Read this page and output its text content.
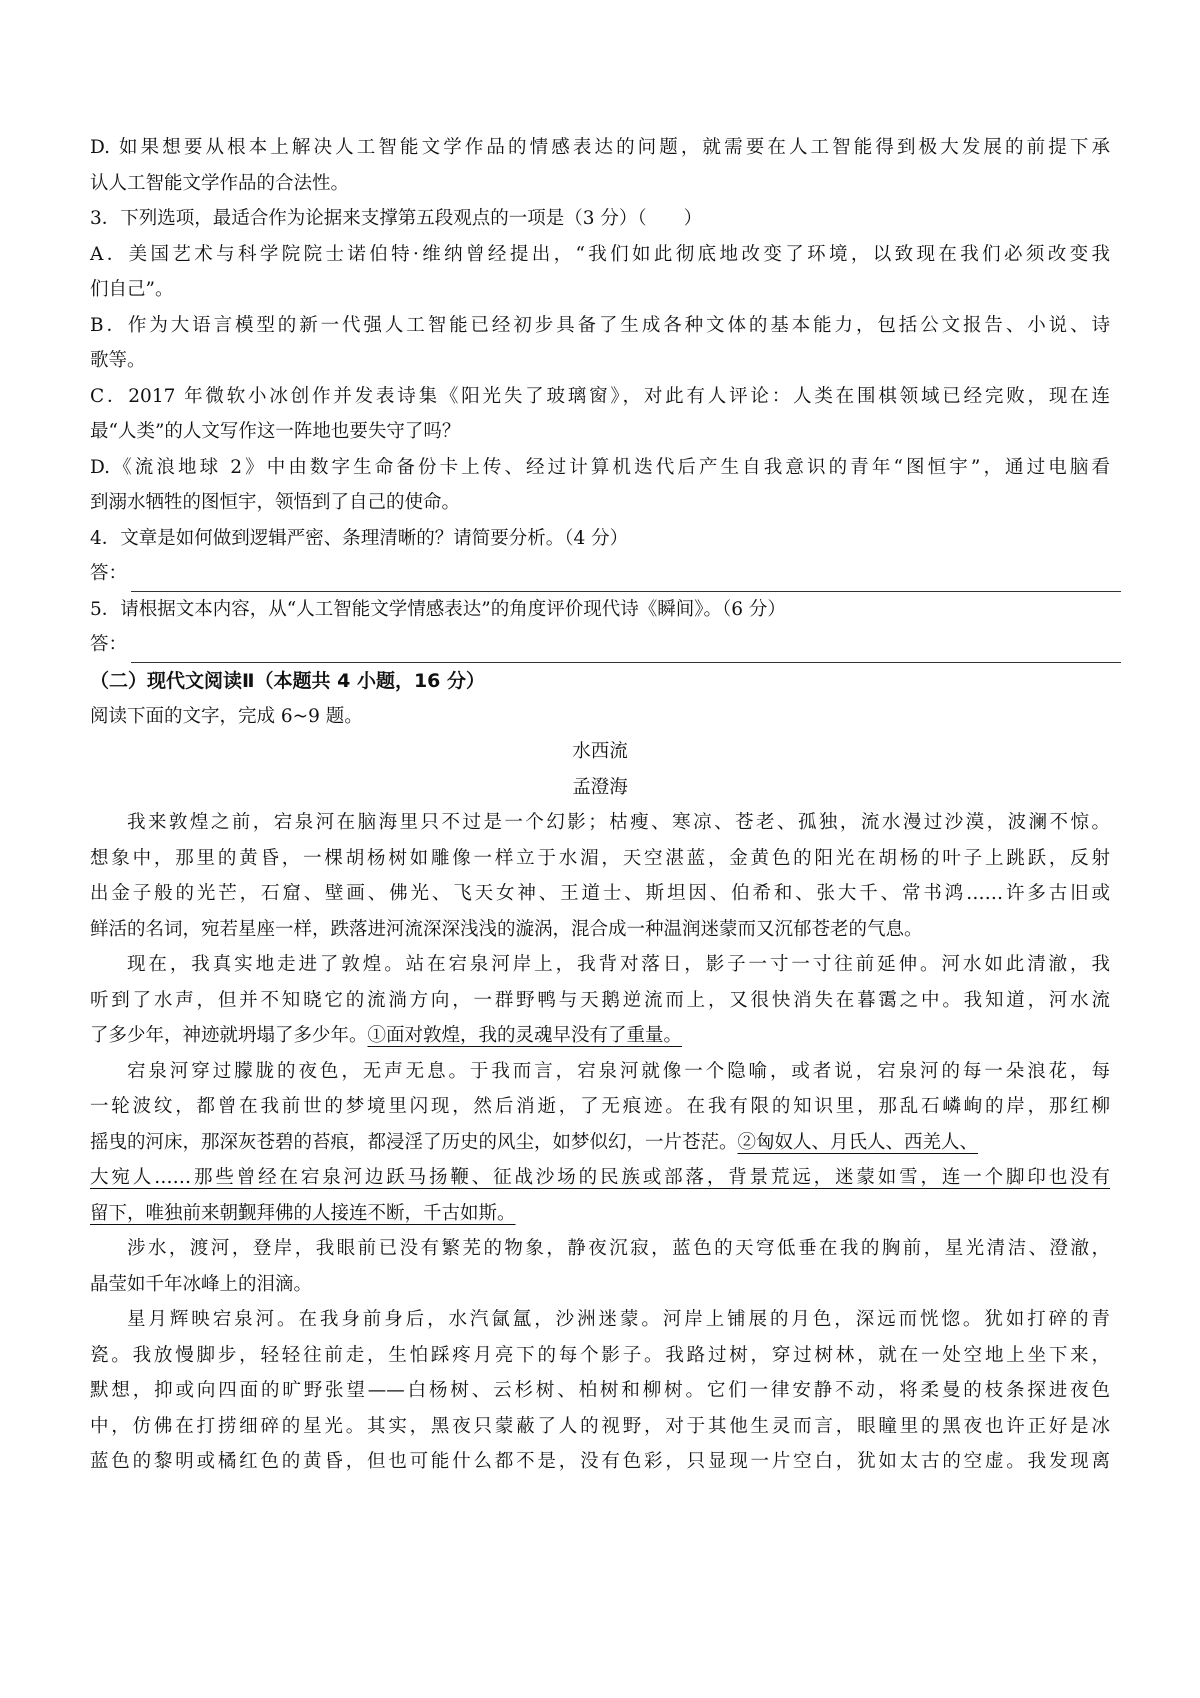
D. 如果想要从根本上解决人工智能文学作品的情感表达的问题，就需要在人工智能得到极大发展的前提下承

认人工智能文学作品的合法性。

3．下列选项，最适合作为论据来支撑第五段观点的一项是（3 分）（　　）

A．美国艺术与科学院院士诺伯特·维纳曾经提出，“我们如此彻底地改变了环境，以致现在我们必须改变我

们自己”。

B．作为大语言模型的新一代强人工智能已经初步具备了生成各种文体的基本能力，包括公文报告、小说、诗

歌等。

C．2017 年微软小冰创作并发表诗集《阳光失了玻璃窗》，对此有人评论：人类在围棋领域已经完败，现在连

最“人类”的人文写作这一阵地也要失守了吗？

D.《流浪地球 2》中由数字生命备份卡上传、经过计算机迭代后产生自我意识的青年“图恒宇”，通过电脑看

到溺水牺牲的图恒宇，领悟到了自己的使命。

4．文章是如何做到逻辑严密、条理清晰的？请简要分析。（4 分）

答：

5．请根据文本内容，从“人工智能文学情感表达”的角度评价现代诗《瞬间》。（6 分）

答：

（二）现代文阅读Ⅱ（本题共 4 小题，16 分）

阅读下面的文字，完成 6~9 题。

水西流

孟澄海

我来敦煌之前，宕泉河在脑海里只不过是一个幻影；枯瘦、寒凉、苍老、孤独，流水漫过沙漠，波澜不惊。

想象中，那里的黄昏，一棵胡杨树如雕像一样立于水湄，天空湛蓝，金黄色的阳光在胡杨的叶子上跳跃，反射

出金子般的光芒，石窟、壁画、佛光、飞天女神、王道士、斯坦因、伯希和、张大千、常书鸿……许多古旧或

鲜活的名词，宛若星座一样，跌落进河流深深浅浅的漩涡，混合成一种温润迷蒙而又沉郁苍老的气息。

现在，我真实地走进了敦煌。站在宕泉河岸上，我背对落日，影子一寸一寸往前延伸。河水如此清澈，我

听到了水声，但并不知晓它的流淌方向，一群野鸭与天鹅逆流而上，又很快消失在暮霭之中。我知道，河水流

了多少年，神迹就坍塌了多少年。①面对敦煌，我的灵魂早没有了重量。

宕泉河穿过朦胧的夜色，无声无息。于我而言，宕泉河就像一个隐喻，或者说，宕泉河的每一朵浪花，每

一轮波纹，都曾在我前世的梦境里闪现，然后消逝，了无痕迹。在我有限的知识里，那乱石嶙峋的岸，那红柳

摇曳的河床，那深灰苍碧的苔痕，都浸淫了历史的风尘，如梦似幻，一片苍茫。②匈奴人、月氏人、西羌人、

大宛人……那些曾经在宕泉河边跃马扬鞭、征战沙场的民族或部落，背景荒远，迷蒙如雪，连一个脚印也没有

留下，唯独前来朝觐拜佛的人接连不断，千古如斯。

涉水，渡河，登岸，我眼前已没有繁芜的物象，静夜沉寂，蓝色的天穹低垂在我的胸前，星光清洁、澄澈，

晶莹如千年冰峰上的泪滴。

星月辉映宕泉河。在我身前身后，水汽氤氲，沙洲迷蒙。河岸上铺展的月色，深远而恍惚。犹如打碎的青

瓷。我放慢脚步，轻轻往前走，生怕踩疼月亮下的每个影子。我路过树，穿过树林，就在一处空地上坐下来，

默想，抑或向四面的旷野张望——白杨树、云杉树、柏树和柳树。它们一律安静不动，将柔曼的枝条探进夜色

中，仿佛在打捞细碎的星光。其实，黑夜只蒙蔽了人的视野，对于其他生灵而言，眼瞳里的黑夜也许正好是冰

蓝色的黎明或橘红色的黄昏，但也可能什么都不是，没有色彩，只显现一片空白，犹如太古的空虚。我发现离
